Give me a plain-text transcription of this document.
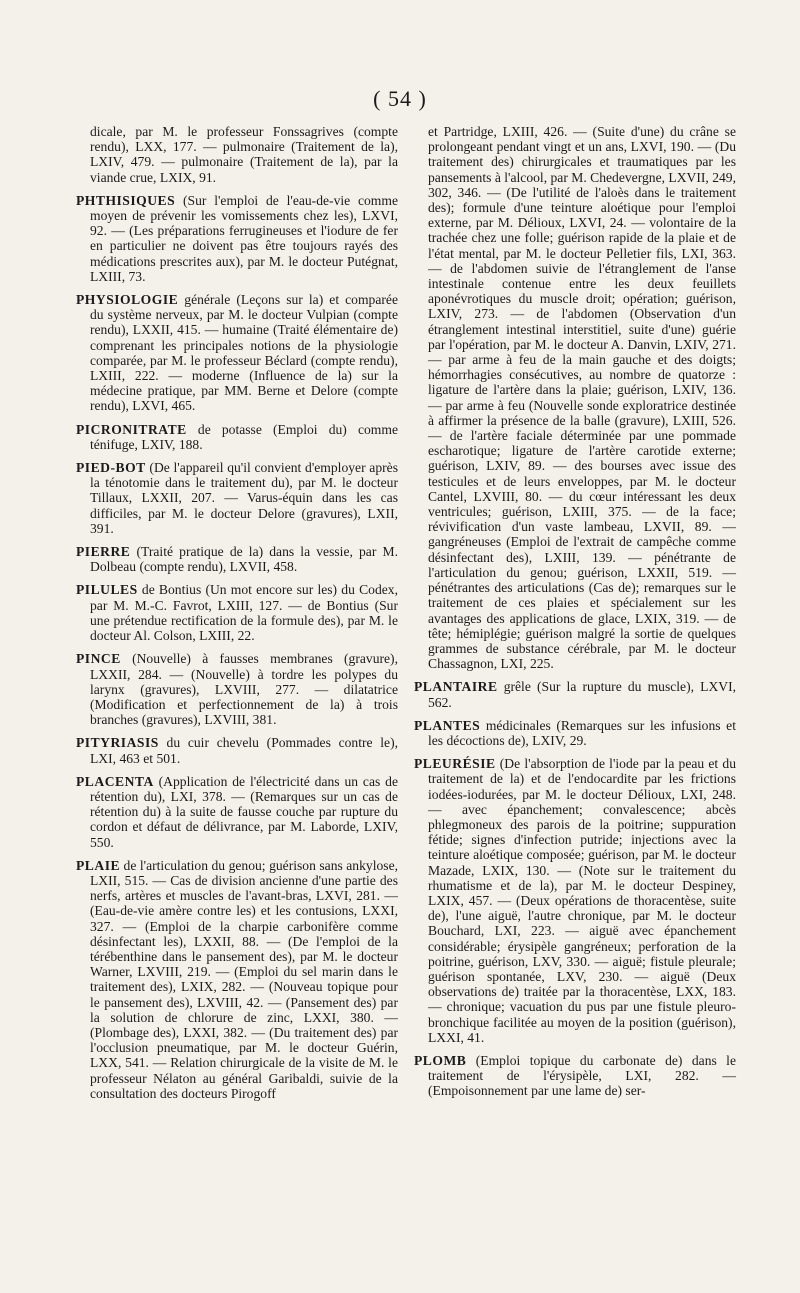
( 54 )

dicale, par M. le professeur Fonssagrives (compte rendu), LXX, 177. — pulmonaire (Traitement de la), LXIV, 479. — pulmonaire (Traitement de la), par la viande crue, LXIX, 91.

PHTHISIQUES (Sur l'emploi de l'eau-de-vie comme moyen de prévenir les vomissements chez les), LXVI, 92. — (Les préparations ferrugineuses et l'iodure de fer en particulier ne doivent pas être toujours rayés des médications prescrites aux), par M. le docteur Putégnat, LXIII, 73.

PHYSIOLOGIE générale (Leçons sur la) et comparée du système nerveux, par M. le docteur Vulpian (compte rendu), LXXII, 415. — humaine (Traité élémentaire de) comprenant les principales notions de la physiologie comparée, par M. le professeur Béclard (compte rendu), LXIII, 222. — moderne (Influence de la) sur la médecine pratique, par MM. Berne et Delore (compte rendu), LXVI, 465.

PICRONITRATE de potasse (Emploi du) comme ténifuge, LXIV, 188.

PIED-BOT (De l'appareil qu'il convient d'employer après la ténotomie dans le traitement du), par M. le docteur Tillaux, LXXII, 207. — Varus-équin dans les cas difficiles, par M. le docteur Delore (gravures), LXII, 391.

PIERRE (Traité pratique de la) dans la vessie, par M. Dolbeau (compte rendu), LXVII, 458.

PILULES de Bontius (Un mot encore sur les) du Codex, par M. M.-C. Favrot, LXIII, 127. — de Bontius (Sur une prétendue rectification de la formule des), par M. le docteur Al. Colson, LXIII, 22.

PINCE (Nouvelle) à fausses membranes (gravure), LXXII, 284. — (Nouvelle) à tordre les polypes du larynx (gravures), LXVIII, 277. — dilatatrice (Modification et perfectionnement de la) à trois branches (gravures), LXVIII, 381.

PITYRIASIS du cuir chevelu (Pommades contre le), LXI, 463 et 501.

PLACENTA (Application de l'électricité dans un cas de rétention du), LXI, 378. — (Remarques sur un cas de rétention du) à la suite de fausse couche par rupture du cordon et défaut de délivrance, par M. Laborde, LXIV, 550.

PLAIE de l'articulation du genou; guérison sans ankylose, LXII, 515. — Cas de division ancienne d'une partie des nerfs, artères et muscles de l'avant-bras, LXVI, 281. — (Eau-de-vie amère contre les) et les contusions, LXXI, 327. — (Emploi de la charpie carbonifère comme désinfectant les), LXXII, 88. — (De l'emploi de la térébenthine dans le pansement des), par M. le docteur Warner, LXVIII, 219. — (Emploi du sel marin dans le traitement des), LXIX, 282. — (Nouveau topique pour le pansement des), LXVIII, 42. — (Pansement des) par la solution de chlorure de zinc, LXXI, 380. — (Plombage des), LXXI, 382. — (Du traitement des) par l'occlusion pneumatique, par M. le docteur Guérin, LXX, 541. — Relation chirurgicale de la visite de M. le professeur Nélaton au général Garibaldi, suivie de la consultation des docteurs Pirogoff

et Partridge, LXIII, 426. — (Suite d'une) du crâne se prolongeant pendant vingt et un ans, LXVI, 190. — (Du traitement des) chirurgicales et traumatiques par les pansements à l'alcool, par M. Chedevergne, LXVII, 249, 302, 346. — (De l'utilité de l'aloès dans le traitement des); formule d'une teinture aloétique pour l'emploi externe, par M. Délioux, LXVI, 24. — volontaire de la trachée chez une folle; guérison rapide de la plaie et de l'état mental, par M. le docteur Pelletier fils, LXI, 363. — de l'abdomen suivie de l'étranglement de l'anse intestinale contenue entre les deux feuillets aponévrotiques du muscle droit; opération; guérison, LXIV, 273. — de l'abdomen (Observation d'un étranglement intestinal interstitiel, suite d'une) guérie par l'opération, par M. le docteur A. Danvin, LXIV, 271. — par arme à feu de la main gauche et des doigts; hémorrhagies consécutives, au nombre de quatorze : ligature de l'artère dans la plaie; guérison, LXIV, 136. — par arme à feu (Nouvelle sonde exploratrice destinée à affirmer la présence de la balle (gravure), LXIII, 526. — de l'artère faciale déterminée par une pommade escharotique; ligature de l'artère carotide externe; guérison, LXIV, 89. — des bourses avec issue des testicules et de leurs enveloppes, par M. le docteur Cantel, LXVIII, 80. — du cœur intéressant les deux ventricules; guérison, LXIII, 375. — de la face; révivification d'un vaste lambeau, LXVII, 89. — gangréneuses (Emploi de l'extrait de campêche comme désinfectant des), LXIII, 139. — pénétrante de l'articulation du genou; guérison, LXXII, 519. — pénétrantes des articulations (Cas de); remarques sur le traitement de ces plaies et spécialement sur les avantages des applications de glace, LXIX, 319. — de tête; hémiplégie; guérison malgré la sortie de quelques grammes de substance cérébrale, par M. le docteur Chassagnon, LXI, 225.

PLANTAIRE grêle (Sur la rupture du muscle), LXVI, 562.

PLANTES médicinales (Remarques sur les infusions et les décoctions de), LXIV, 29.

PLEURÉSIE (De l'absorption de l'iode par la peau et du traitement de la) et de l'endocardite par les frictions iodées-iodurées, par M. le docteur Délioux, LXI, 248. — avec épanchement; convalescence; abcès phlegmoneux des parois de la poitrine; suppuration fétide; signes d'infection putride; injections avec la teinture aloétique composée; guérison, par M. le docteur Mazade, LXIX, 130. — (Note sur le traitement du rhumatisme et de la), par M. le docteur Despiney, LXIX, 457. — (Deux opérations de thoracentèse, suite de), l'une aiguë, l'autre chronique, par M. le docteur Bouchard, LXI, 223. — aiguë avec épanchement considérable; érysipèle gangréneux; perforation de la poitrine, guérison, LXV, 330. — aiguë; fistule pleurale; guérison spontanée, LXV, 230. — aiguë (Deux observations de) traitée par la thoracentèse, LXX, 183. — chronique; vacuation du pus par une fistule pleuro-bronchique facilitée au moyen de la position (guérison), LXXI, 41.

PLOMB (Emploi topique du carbonate de) dans le traitement de l'érysipèle, LXI, 282. — (Empoisonnement par une lame de) ser-
